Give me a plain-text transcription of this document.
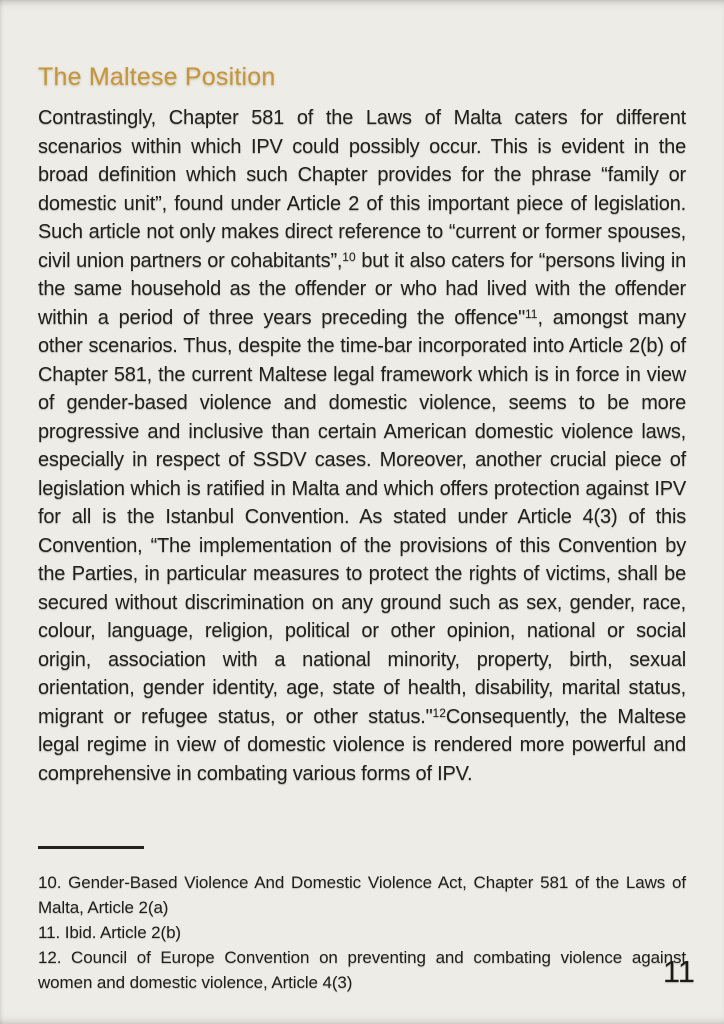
The Maltese Position

Contrastingly, Chapter 581 of the Laws of Malta caters for different scenarios within which IPV could possibly occur. This is evident in the broad definition which such Chapter provides for the phrase “family or domestic unit”, found under Article 2 of this important piece of legislation. Such article not only makes direct reference to “current or former spouses, civil union partners or cohabitants”,$^{10}$ but it also caters for “persons living in the same household as the offender or who had lived with the offender within a period of three years preceding the offence"$^{11}$, amongst many other scenarios. Thus, despite the time-bar incorporated into Article 2(b) of Chapter 581, the current Maltese legal framework which is in force in view of gender-based violence and domestic violence, seems to be more progressive and inclusive than certain American domestic violence laws, especially in respect of SSDV cases. Moreover, another crucial piece of legislation which is ratified in Malta and which offers protection against IPV for all is the Istanbul Convention. As stated under Article 4(3) of this Convention, “The implementation of the provisions of this Convention by the Parties, in particular measures to protect the rights of victims, shall be secured without discrimination on any ground such as sex, gender, race, colour, language, religion, political or other opinion, national or social origin, association with a national minority, property, birth, sexual orientation, gender identity, age, state of health, disability, marital status, migrant or refugee status, or other status."$^{12}$Consequently, the Maltese legal regime in view of domestic violence is rendered more powerful and comprehensive in combating various forms of IPV.

10. Gender-Based Violence And Domestic Violence Act, Chapter 581 of the Laws of Malta, Article 2(a)

11. Ibid. Article 2(b)

12. Council of Europe Convention on preventing and combating violence against women and domestic violence, Article 4(3)	11
